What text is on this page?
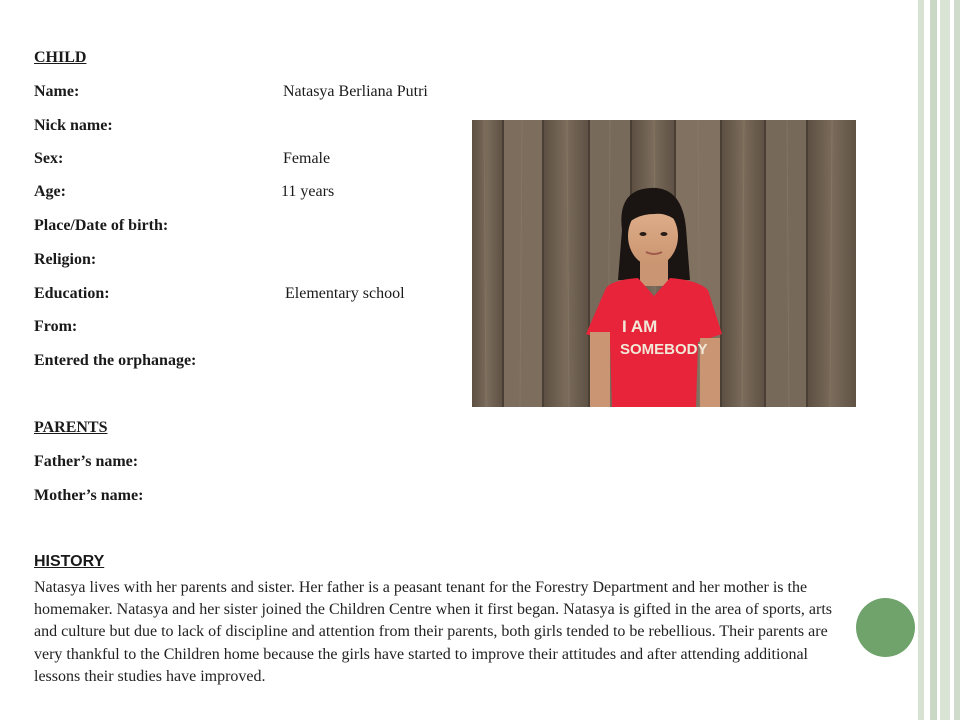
CHILD
Name:	Natasya Berliana Putri
Nick name:
Sex:	Female
Age:	11 years
Place/Date of birth:
Religion:
Education:	Elementary school
From:
Entered the orphanage:
PARENTS
Father’s name:
Mother’s name:
HISTORY
Natasya lives with her parents and sister. Her father is a peasant tenant for the Forestry Department and her mother is the homemaker. Natasya and her sister joined the Children Centre when it first began. Natasya is gifted in the area of sports, arts and culture but due to lack of discipline and attention from their parents, both girls tended to be rebellious. Their parents are very thankful to the Children home because the girls have started to improve their attitudes and after attending additional lessons their studies have improved.
I AM
SOMEBODY
